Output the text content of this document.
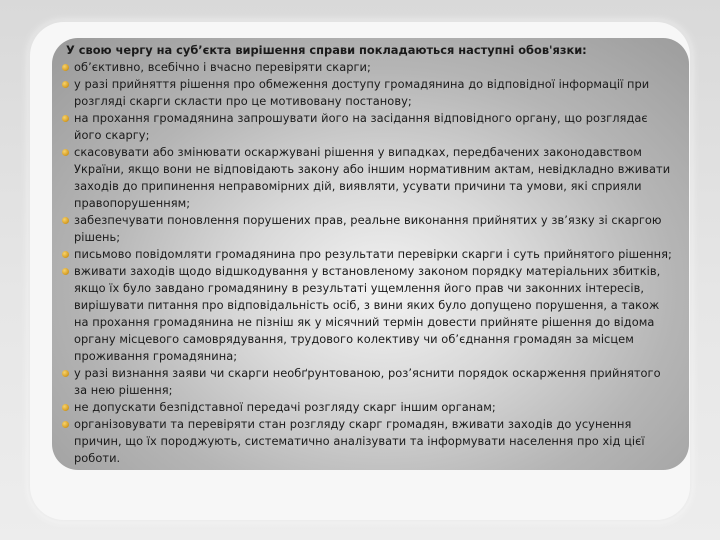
У свою чергу на суб’єкта вирішення справи покладаються наступні обов'язки:
об’єктивно, всебічно і вчасно перевіряти скарги;
у разі прийняття рішення про обмеження доступу громадянина до відповідної інформації при розгляді скарги скласти про це мотивовану постанову;
на прохання громадянина запрошувати його на засідання відповідного органу, що розглядає його скаргу;
скасовувати або змінювати оскаржувані рішення у випадках, передбачених законодавством України, якщо вони не відповідають закону або іншим нормативним актам, невідкладно вживати заходів до припинення неправомірних дій, виявляти, усувати причини та умови, які сприяли правопорушенням;
забезпечувати поновлення порушених прав, реальне виконання прийнятих у зв’язку зі скаргою рішень;
письмово повідомляти громадянина про результати перевірки скарги і суть прийнятого рішення;
вживати заходів щодо відшкодування у встановленому законом порядку матеріальних збитків, якщо їх було завдано громадянину в результаті ущемлення його прав чи законних інтересів, вирішувати питання про відповідальність осіб, з вини яких було допущено порушення, а також на прохання громадянина не пізніш як у місячний термін довести прийняте рішення до відома органу місцевого самоврядування, трудового колективу чи об’єднання громадян за місцем проживання громадянина;
у разі визнання заяви чи скарги необґрунтованою, роз’яснити порядок оскарження прийнятого за нею рішення;
не допускати безпідставної передачі розгляду скарг іншим органам;
організовувати та перевіряти стан розгляду скарг громадян, вживати заходів до усунення причин, що їх породжують, систематично аналізувати та інформувати населення про хід цієї роботи.
